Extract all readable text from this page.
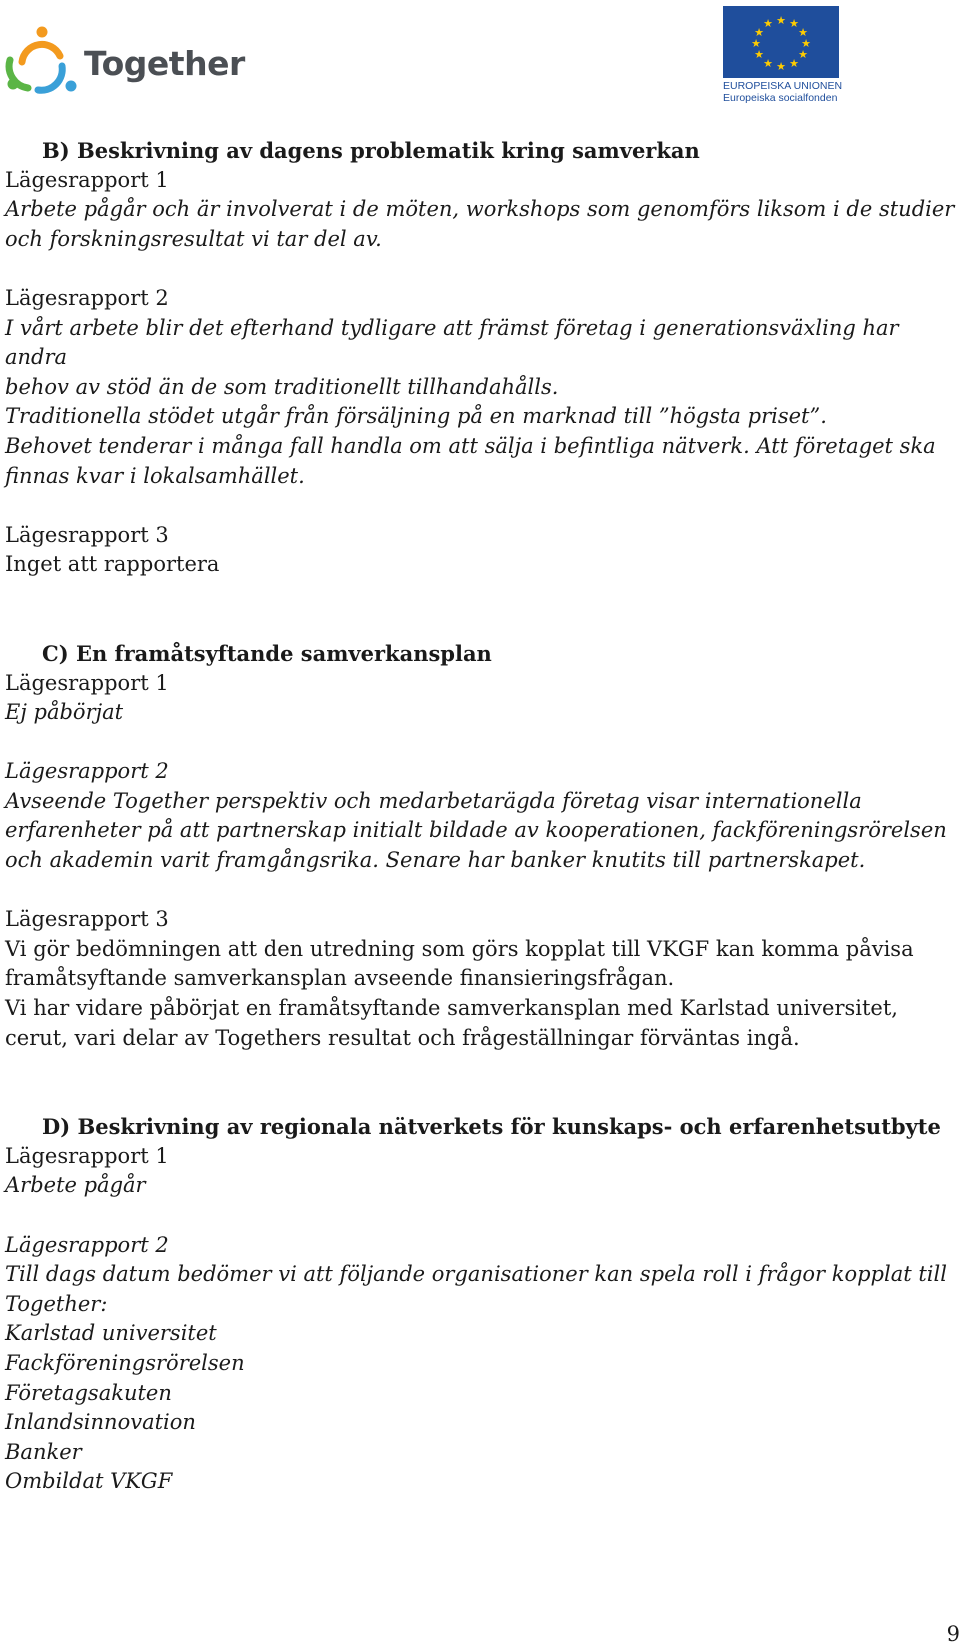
Together
★ ★
★
★
★
★
★
★
★
★
★
★
EUROPEISKA UNIONEN
Europeiska socialfonden

B) Beskrivning av dagens problematik kring samverkan

Lägesrapport 1

Arbete pågår och är involverat i de möten, workshops som genomförs liksom i de studier

och forskningsresultat vi tar del av.

Lägesrapport 2

I vårt arbete blir det efterhand tydligare att främst företag i generationsväxling har andra

behov av stöd än de som traditionellt tillhandahålls.

Traditionella stödet utgår från försäljning på en marknad till ”högsta priset”.

Behovet tenderar i många fall handla om att sälja i befintliga nätverk. Att företaget ska

finnas kvar i lokalsamhället.

Lägesrapport 3

Inget att rapportera

C) En framåtsyftande samverkansplan

Lägesrapport 1

Ej påbörjat

Lägesrapport 2

Avseende Together perspektiv och medarbetarägda företag visar internationella

erfarenheter på att partnerskap initialt bildade av kooperationen, fackföreningsrörelsen

och akademin varit framgångsrika. Senare har banker knutits till partnerskapet.

Lägesrapport 3

Vi gör bedömningen att den utredning som görs kopplat till VKGF kan komma påvisa

framåtsyftande samverkansplan avseende finansieringsfrågan.

Vi har vidare påbörjat en framåtsyftande samverkansplan med Karlstad universitet,

cerut, vari delar av Togethers resultat och frågeställningar förväntas ingå.

D) Beskrivning av regionala nätverkets för kunskaps- och erfarenhetsutbyte

Lägesrapport 1

Arbete pågår

Lägesrapport 2

Till dags datum bedömer vi att följande organisationer kan spela roll i frågor kopplat till

Together:

Karlstad universitet

Fackföreningsrörelsen

Företagsakuten

Inlandsinnovation

Banker

Ombildat VKGF

9
